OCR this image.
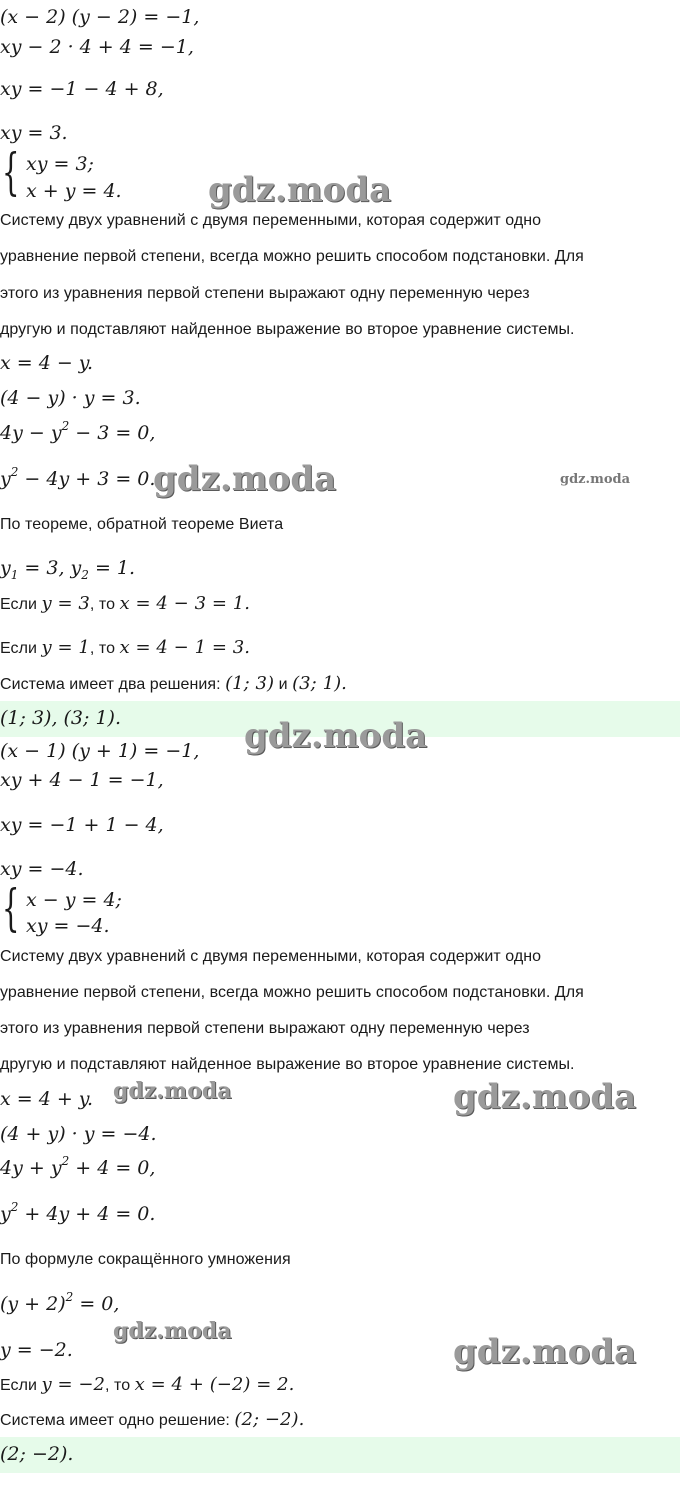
(x − 2) (y − 2) = −1,
xy − 2 · 4 + 4 = −1,
xy = −1 − 4 + 8,
xy = 3.
{ xy = 3;
x + y = 4.
Систему двух уравнений с двумя переменными, которая содержит одно
уравнение первой степени, всегда можно решить способом подстановки. Для
этого из уравнения первой степени выражают одну переменную через
другую и подставляют найденное выражение во второе уравнение системы.
x = 4 − y.
(4 − y) · y = 3.
$4y - y^2 - 3 = 0$,
$y^2 - 4y + 3 = 0$.
По теореме, обратной теореме Виета
$y_1 = 3$, $y_2 = 1$.
Если y = 3, то x = 4 − 3 = 1.
Если y = 1, то x = 4 − 1 = 3.
Система имеет два решения: (1; 3) и (3; 1).
(1; 3), (3; 1).
(x − 1) (y + 1) = −1,
xy + 4 − 1 = −1,
xy = −1 + 1 − 4,
xy = −4.
{ x − y = 4;
xy = −4.
Систему двух уравнений с двумя переменными, которая содержит одно
уравнение первой степени, всегда можно решить способом подстановки. Для
этого из уравнения первой степени выражают одну переменную через
другую и подставляют найденное выражение во второе уравнение системы.
x = 4 + y.
(4 + y) · y = −4.
$4y + y^2 + 4 = 0$,
$y^2 + 4y + 4 = 0$.
По формуле сокращённого умножения
$(y + 2)^2 = 0$,
y = −2.
Если y = −2, то x = 4 + (−2) = 2.
Система имеет одно решение: (2; −2).
(2; −2).
gdz.moda
gdz.moda	gdz.moda
gdz.moda
gdz.moda	gdz.moda
gdz.moda
gdz.moda
